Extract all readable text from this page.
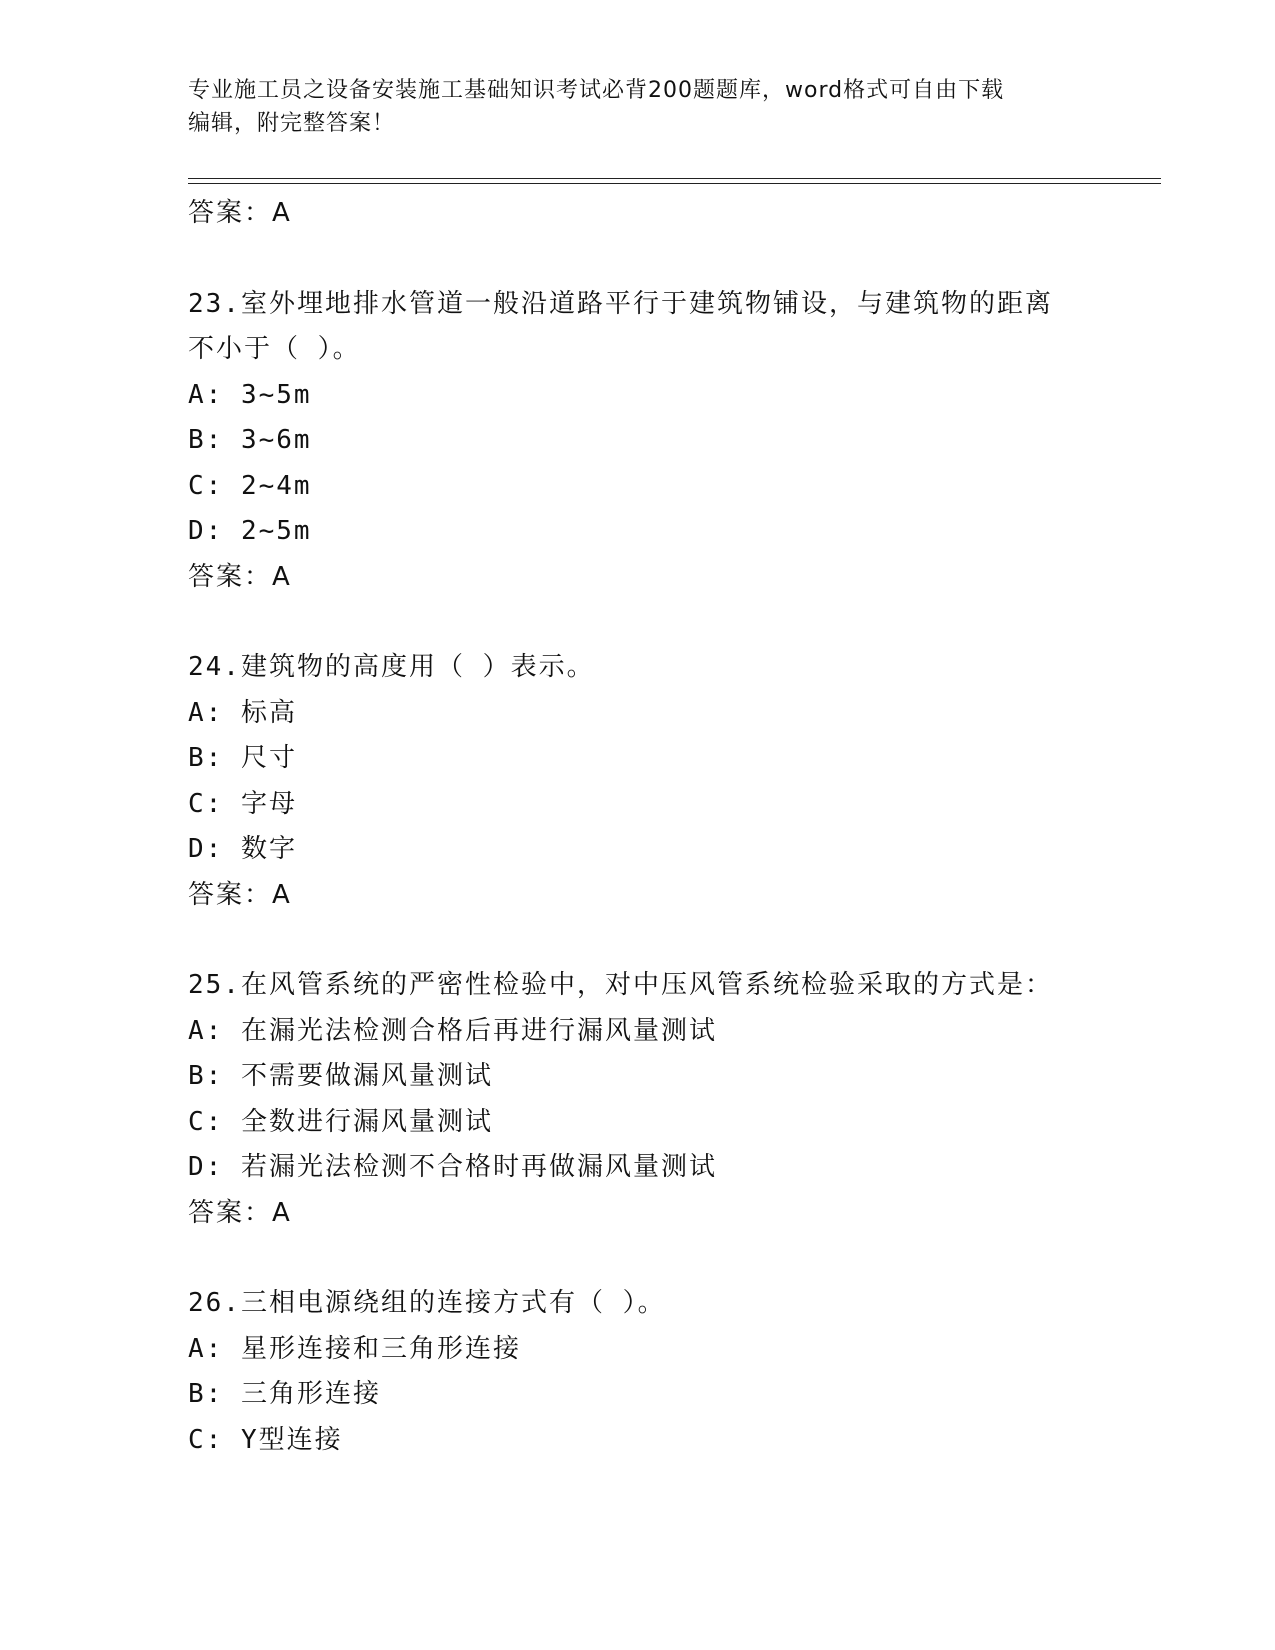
专业施工员之设备安装施工基础知识考试必背200题题库，word格式可自由下载
编辑，附完整答案！
答案：A
23.室外埋地排水管道一般沿道路平行于建筑物铺设，与建筑物的距离
不小于（ ）。
A: 3~5m
B: 3~6m
C: 2~4m
D: 2~5m
答案：A
24.建筑物的高度用（ ）表示。
A: 标高
B: 尺寸
C: 字母
D: 数字
答案：A
25.在风管系统的严密性检验中，对中压风管系统检验采取的方式是：
A: 在漏光法检测合格后再进行漏风量测试
B: 不需要做漏风量测试
C: 全数进行漏风量测试
D: 若漏光法检测不合格时再做漏风量测试
答案：A
26.三相电源绕组的连接方式有（ ）。
A: 星形连接和三角形连接
B: 三角形连接
C: Y型连接
